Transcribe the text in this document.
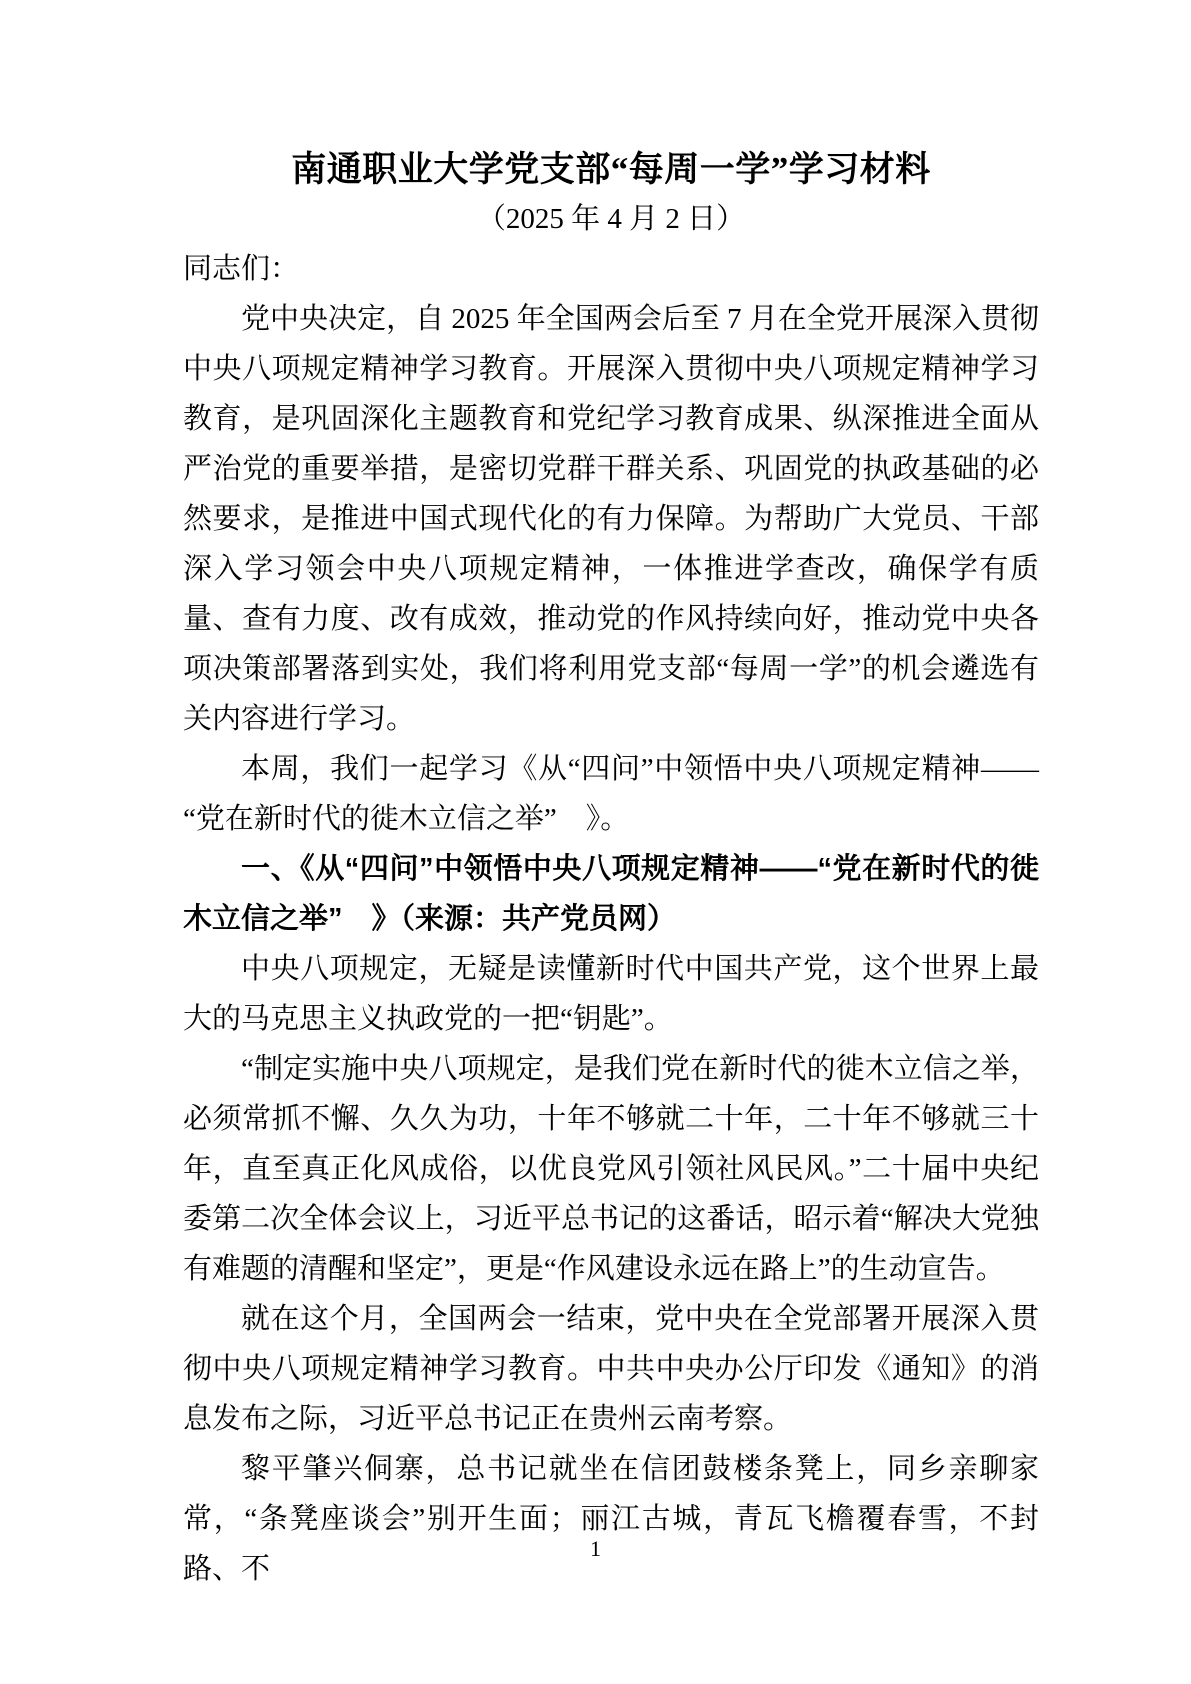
南通职业大学党支部“每周一学”学习材料
（2025 年 4 月 2 日）

同志们：

党中央决定，自 2025 年全国两会后至 7 月在全党开展深入贯彻中央八项规定精神学习教育。开展深入贯彻中央八项规定精神学习教育，是巩固深化主题教育和党纪学习教育成果、纵深推进全面从严治党的重要举措，是密切党群干群关系、巩固党的执政基础的必然要求，是推进中国式现代化的有力保障。为帮助广大党员、干部深入学习领会中央八项规定精神，一体推进学查改，确保学有质量、查有力度、改有成效，推动党的作风持续向好，推动党中央各项决策部署落到实处，我们将利用党支部“每周一学”的机会遴选有关内容进行学习。

本周，我们一起学习《从“四问”中领悟中央八项规定精神——“党在新时代的徙木立信之举”　》。

一、《从“四问”中领悟中央八项规定精神——“党在新时代的徙木立信之举”　》（来源：共产党员网）

中央八项规定，无疑是读懂新时代中国共产党，这个世界上最大的马克思主义执政党的一把“钥匙”。

“制定实施中央八项规定，是我们党在新时代的徙木立信之举，必须常抓不懈、久久为功，十年不够就二十年，二十年不够就三十年，直至真正化风成俗，以优良党风引领社风民风。”二十届中央纪委第二次全体会议上，习近平总书记的这番话，昭示着“解决大党独有难题的清醒和坚定”，更是“作风建设永远在路上”的生动宣告。

就在这个月，全国两会一结束，党中央在全党部署开展深入贯彻中央八项规定精神学习教育。中共中央办公厅印发《通知》的消息发布之际，习近平总书记正在贵州云南考察。

黎平肇兴侗寨，总书记就坐在信团鼓楼条凳上，同乡亲聊家常，“条凳座谈会”别开生面；丽江古城，青瓦飞檐覆春雪，不封路、不

1
